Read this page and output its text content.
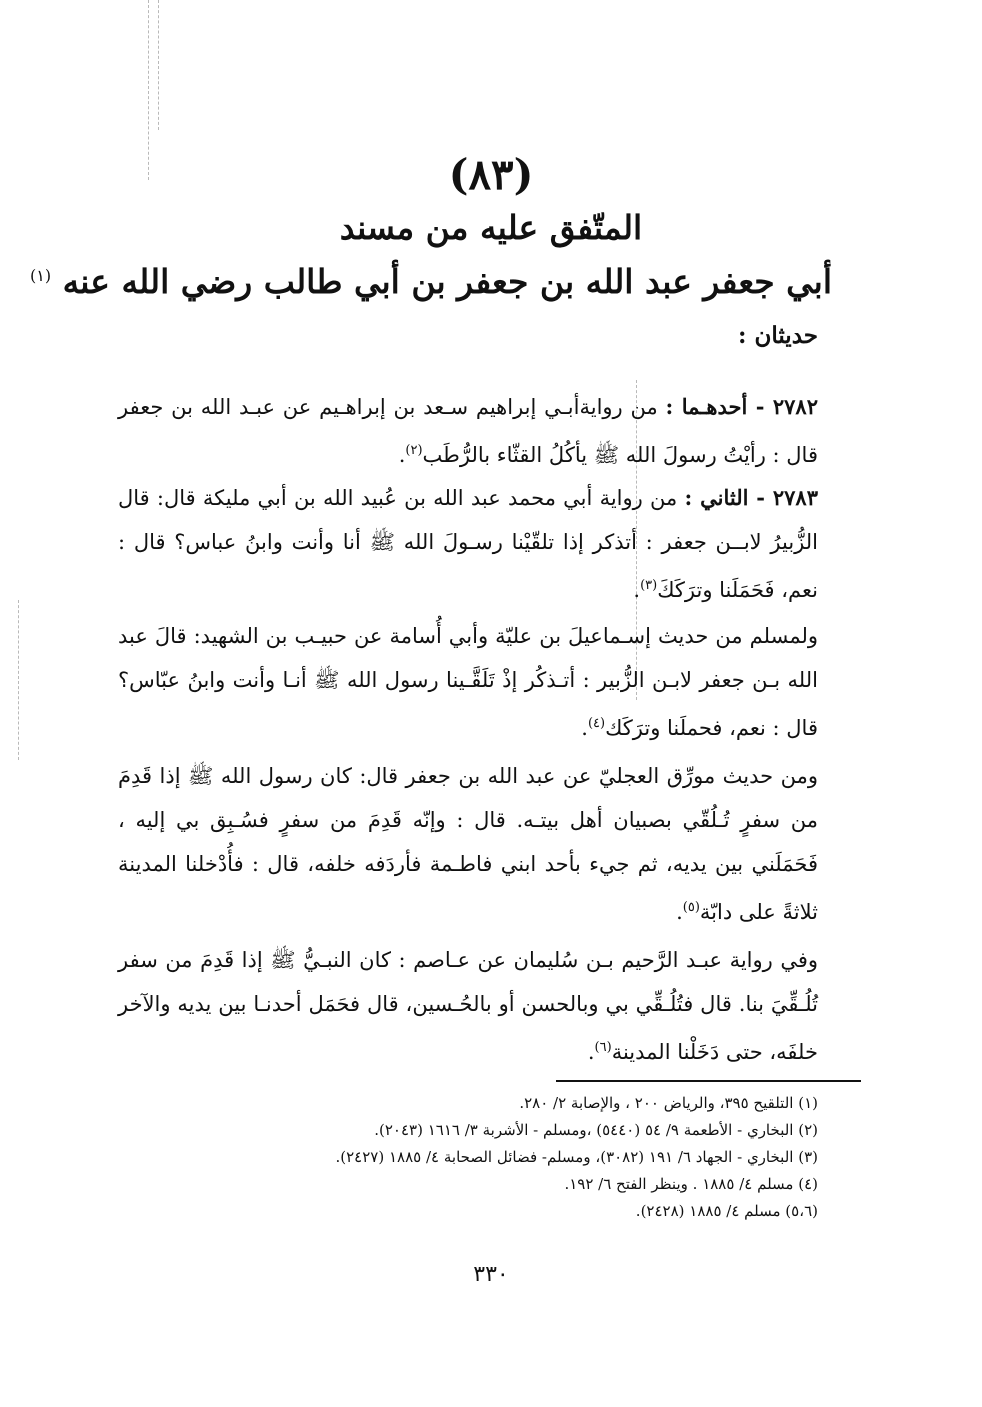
(٨٣)
المتّفق عليه من مسند
أبي جعفر عبد الله بن جعفر بن أبي طالب رضي الله عنه $^{(١)}$
حديثان :
٢٧٨٢ - أحدهـما : من روايةأبـي إبراهيم سـعد بن إبراهـيم عن عبـد الله بن جعفر قال : رأيْتُ رسولَ الله ﷺ يأكُلُ القثّاء بالرُّطَب$^{(٢)}$.
٢٧٨٣ - الثاني : من رواية أبي محمد عبد الله بن عُبيد الله بن أبي مليكة قال: قال الزُّبيرُ لابــن جعفر : أتذكر إذا تلقّيْنا رسـولَ الله ﷺ أنا وأنت وابنُ عباس؟ قال : نعم، فَحَمَلَنا وترَكَكَ$^{(٣)}$.
ولمسلم من حديث إسـماعيلَ بن عليّة وأبي أُسامة عن حبيـب بن الشهيد: قالَ عبد الله بـن جعفر لابـن الزُّبير : أتـذكُر إذْ تَلَقَّـينا رسول الله ﷺ أنـا وأنت وابنُ عبّاس؟ قال : نعم، فحملَنا وترَكَك$^{(٤)}$.
ومن حديث مورِّق العجليّ عن عبد الله بن جعفر قال: كان رسول الله ﷺ إذا قَدِمَ من سفرٍ تُـلُقّي بصبيان أهل بيتـه. قال : وإنّه قَدِمَ من سفرٍ فسُـبِق بي إليه ، فَحَمَلَني بين يديه، ثم جيء بأحد ابني فاطـمة فأردَفه خلفه، قال : فأُدْخلنا المدينة ثلاثةً على دابّة$^{(٥)}$.
وفي رواية عبـد الرَّحيم بـن سُليمان عن عـاصم : كان النبـيُّ ﷺ إذا قَدِمَ من سفر تُلُـقِّيَ بنا. قال فتُلُـقِّي بي وبالحسن أو بالحُـسين، قال فحَمَل أحدنـا بين يديه والآخر خلفَه، حتى دَخَلْنا المدينة$^{(٦)}$.
(١) التلقيح ٣٩٥، والرياض ٢٠٠ ، والإصابة ٢/ ٢٨٠.
(٢) البخاري - الأطعمة ٩/ ٥٤ (٥٤٤٠) ،ومسلم - الأشربة ٣/ ١٦١٦ (٢٠٤٣).
(٣) البخاري - الجهاد ٦/ ١٩١ (٣٠٨٢)، ومسلم- فضائل الصحابة ٤/ ١٨٨٥ (٢٤٢٧).
(٤) مسلم ٤/ ١٨٨٥ . وينظر الفتح ٦/ ١٩٢.
(٥،٦) مسلم ٤/ ١٨٨٥ (٢٤٢٨).
٣٣٠
